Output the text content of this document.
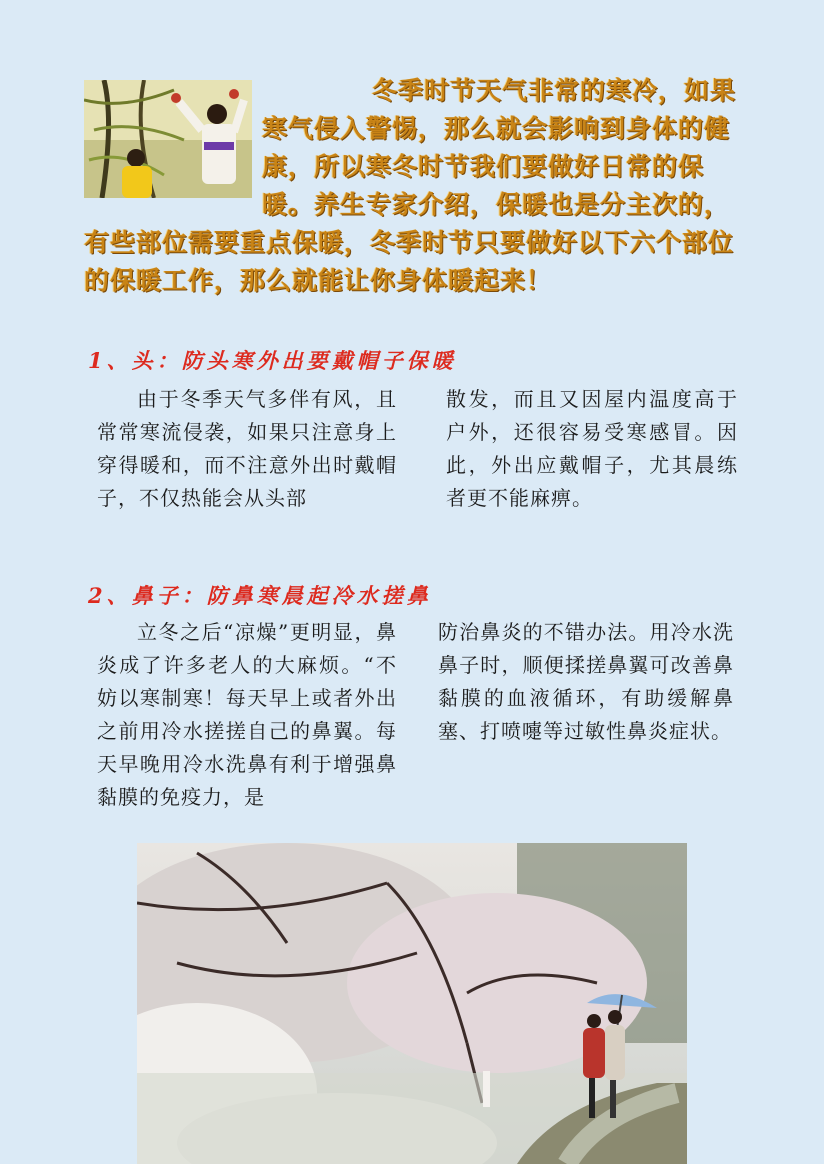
冬季时节天气非常的寒冷，如果寒气侵入警惕，那么就会影响到身体的健康，所以寒冬时节我们要做好日常的保暖。养生专家介绍，保暖也是分主次的，有些部位需要重点保暖，冬季时节只要做好以下六个部位的保暖工作，那么就能让你身体暖起来！
1、头：防头寒外出要戴帽子保暖

由于冬季天气多伴有风，且常常寒流侵袭，如果只注意身上穿得暖和，而不注意外出时戴帽子，不仅热能会从头部

散发，而且又因屋内温度高于户外，还很容易受寒感冒。因此，外出应戴帽子，尤其晨练者更不能麻痹。

2、鼻子：防鼻寒晨起冷水搓鼻

立冬之后“凉燥”更明显，鼻炎成了许多老人的大麻烦。“不妨以寒制寒！每天早上或者外出之前用冷水搓搓自己的鼻翼。每天早晚用冷水洗鼻有利于增强鼻黏膜的免疫力，是

防治鼻炎的不错办法。用冷水洗鼻子时，顺便揉搓鼻翼可改善鼻黏膜的血液循环，有助缓解鼻塞、打喷嚏等过敏性鼻炎症状。
